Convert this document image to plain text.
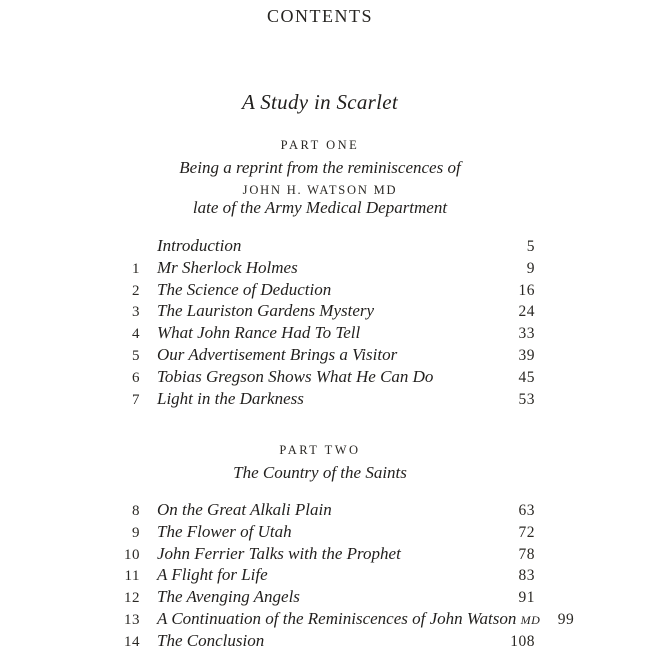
CONTENTS
A Study in Scarlet
PART ONE
Being a reprint from the reminiscences of
JOHN H. WATSON MD
late of the Army Medical Department
Introduction	5
1 Mr Sherlock Holmes	9
2 The Science of Deduction	16
3 The Lauriston Gardens Mystery	24
4 What John Rance Had To Tell	33
5 Our Advertisement Brings a Visitor	39
6 Tobias Gregson Shows What He Can Do	45
7 Light in the Darkness	53
PART TWO
The Country of the Saints
8 On the Great Alkali Plain	63
9 The Flower of Utah	72
10 John Ferrier Talks with the Prophet	78
11 A Flight for Life	83
12 The Avenging Angels	91
13 A Continuation of the Reminiscences of John Watson MD	99
14 The Conclusion	108
